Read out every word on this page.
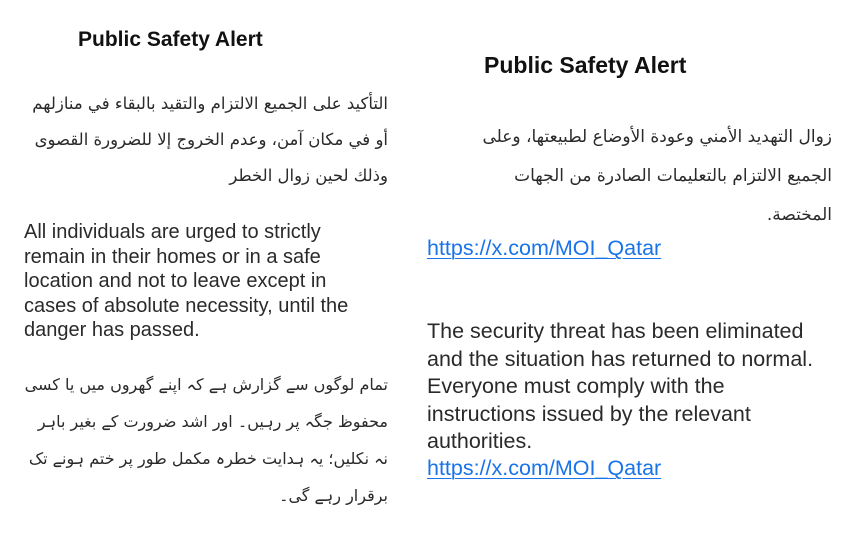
Public Safety Alert
التأكيد على الجميع الالتزام والتقيد بالبقاء في منازلهم أو في مكان آمن، وعدم الخروج إلا للضرورة القصوى وذلك لحين زوال الخطر
All individuals are urged to strictly remain in their homes or in a safe location and not to leave except in cases of absolute necessity, until the danger has passed.
تمام لوگوں سے گزارش ہے کہ اپنے گھروں میں یا کسی محفوظ جگہ پر رہیں۔ اور اشد ضرورت کے بغیر باہر نہ نکلیں؛ یہ ہدایت خطرہ مکمل طور پر ختم ہونے تک برقرار رہے گی۔
Public Safety Alert
زوال التهديد الأمني وعودة الأوضاع لطبيعتها، وعلى الجميع الالتزام بالتعليمات الصادرة من الجهات المختصة.
https://x.com/MOI_Qatar
The security threat has been eliminated and the situation has returned to normal. Everyone must comply with the instructions issued by the relevant authorities.
https://x.com/MOI_Qatar
